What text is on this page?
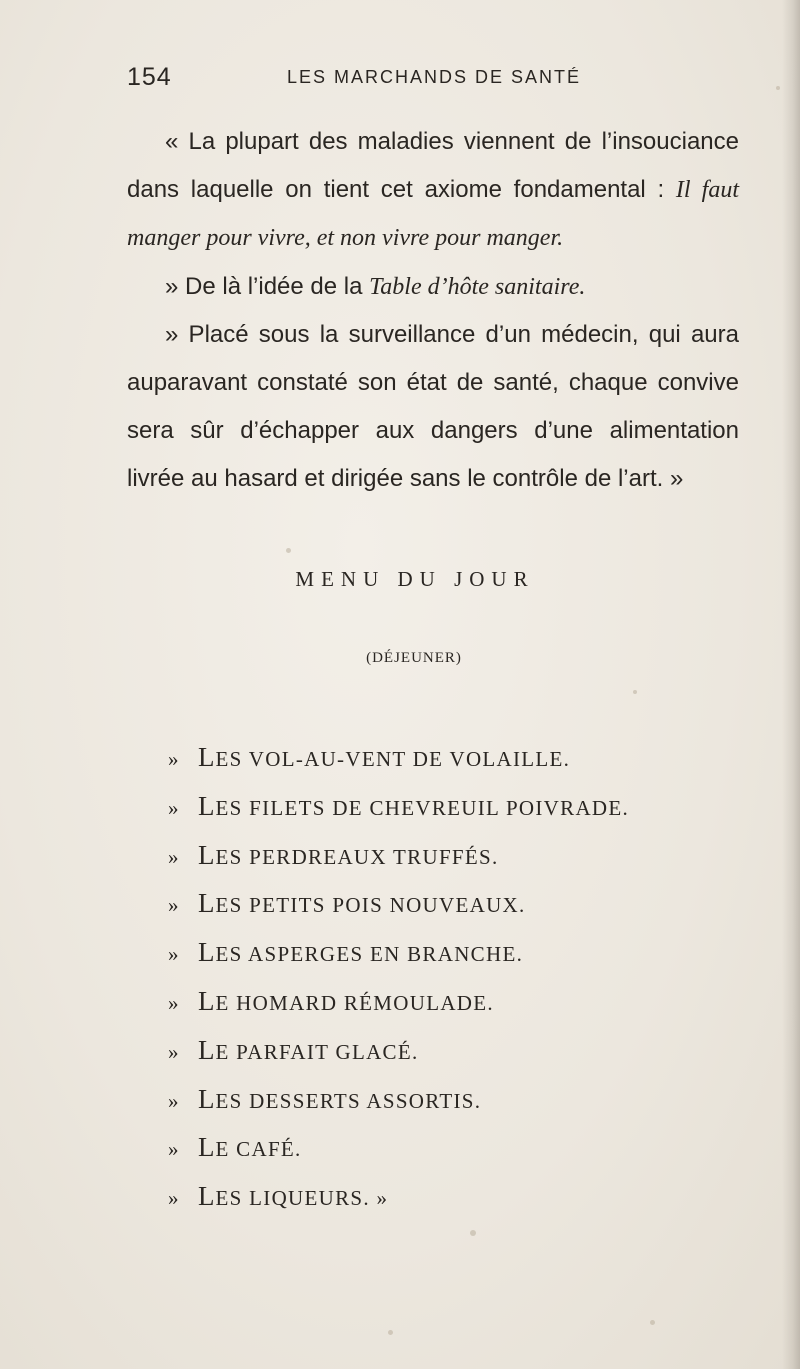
154	LES MARCHANDS DE SANTÉ
« La plupart des maladies viennent de l’insouciance dans laquelle on tient cet axiome fondamental : Il faut manger pour vivre, et non vivre pour manger.
» De là l’idée de la Table d’hôte sanitaire.
» Placé sous la surveillance d’un médecin, qui aura auparavant constaté son état de santé, chaque convive sera sûr d’échapper aux dangers d’une alimentation livrée au hasard et dirigée sans le contrôle de l’art. »
MENU DU JOUR
(DÉJEUNER)
» LES VOL-AU-VENT DE VOLAILLE.
» LES FILETS DE CHEVREUIL POIVRADE.
» LES PERDREAUX TRUFFÉS.
» LES PETITS POIS NOUVEAUX.
» LES ASPERGES EN BRANCHE.
» LE HOMARD RÉMOULADE.
» LE PARFAIT GLACÉ.
» LES DESSERTS ASSORTIS.
» LE CAFÉ.
» LES LIQUEURS. »
